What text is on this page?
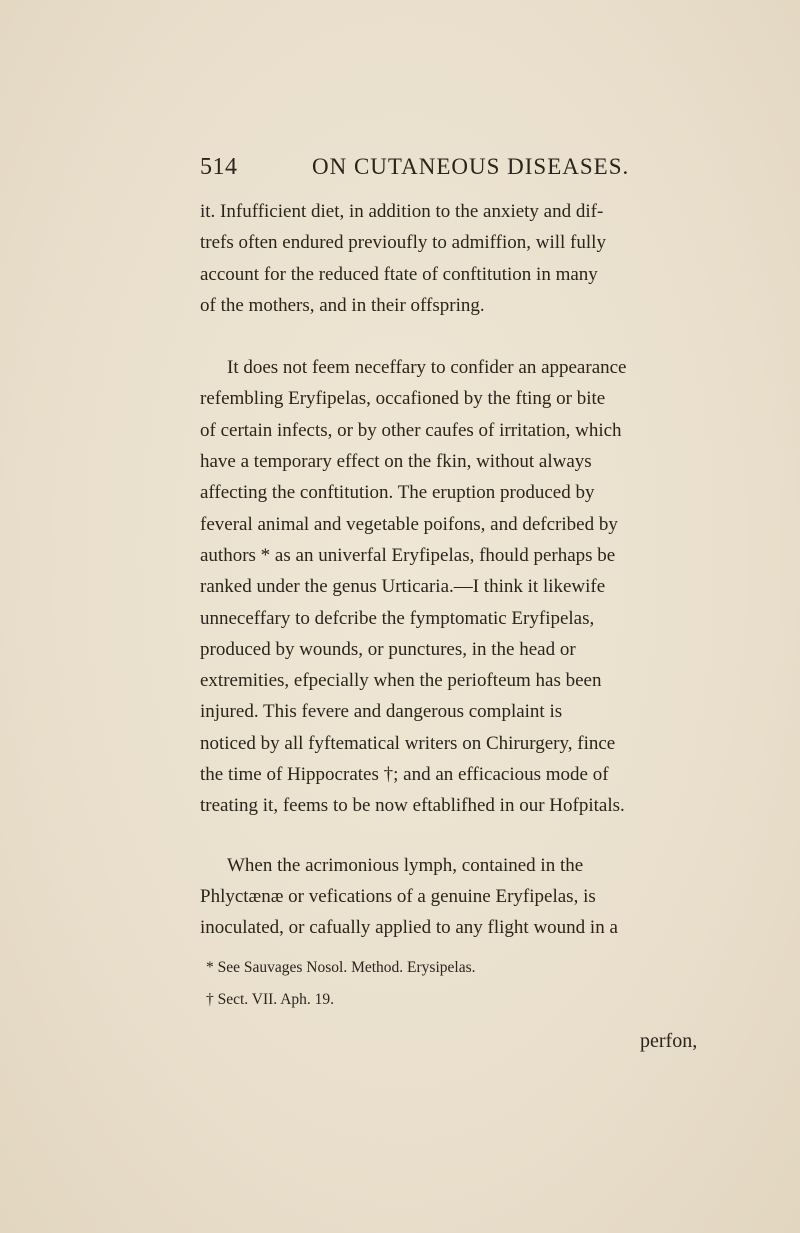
514	ON CUTANEOUS DISEASES.
it. Infufficient diet, in addition to the anxiety and dif-
trefs often endured previoufly to admiffion, will fully
account for the reduced ftate of conftitution in many
of the mothers, and in their offspring.
It does not feem neceffary to confider an appearance
refembling Eryfipelas, occafioned by the fting or bite
of certain infects, or by other caufes of irritation, which
have a temporary effect on the fkin, without always
affecting the conftitution. The eruption produced by
feveral animal and vegetable poifons, and defcribed by
authors * as an univerfal Eryfipelas, fhould perhaps be
ranked under the genus Urticaria.—I think it likewife
unneceffary to defcribe the fymptomatic Eryfipelas,
produced by wounds, or punctures, in the head or
extremities, efpecially when the periofteum has been
injured. This fevere and dangerous complaint is
noticed by all fyftematical writers on Chirurgery, fince
the time of Hippocrates †; and an efficacious mode of
treating it, feems to be now eftablifhed in our Hofpitals.
When the acrimonious lymph, contained in the
Phlyctænæ or vefications of a genuine Eryfipelas, is
inoculated, or cafually applied to any flight wound in a
* See Sauvages Nosol. Method. Erysipelas.
† Sect. VII. Aph. 19.
perfon,
